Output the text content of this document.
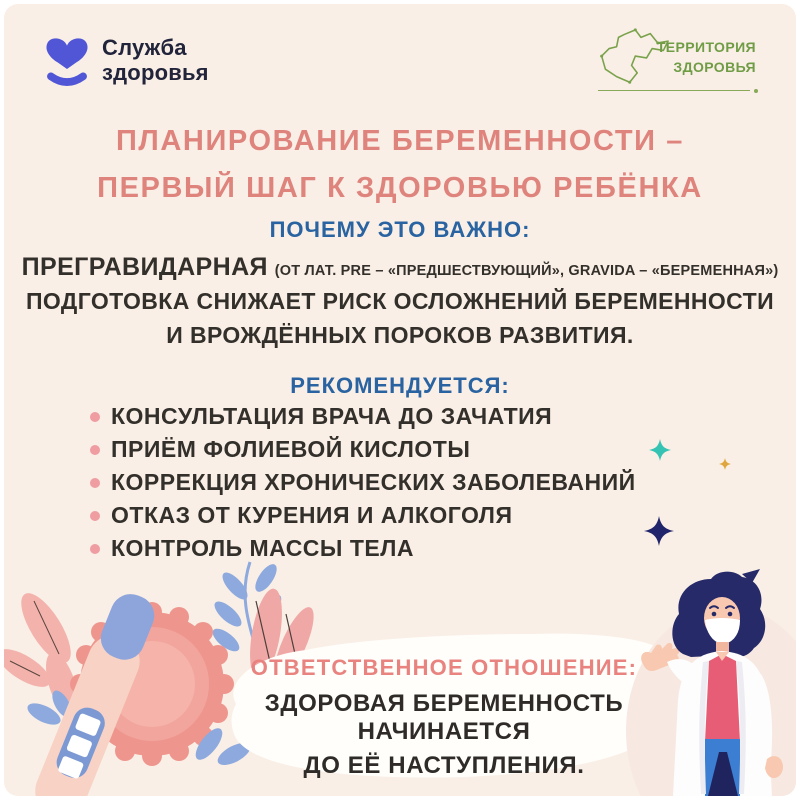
Служба
здоровья
ТЕРРИТОРИЯ
ЗДОРОВЬЯ
ПЛАНИРОВАНИЕ БЕРЕМЕННОСТИ –
ПЕРВЫЙ ШАГ К ЗДОРОВЬЮ РЕБЁНКА
ПОЧЕМУ ЭТО ВАЖНО:
ПРЕГРАВИДАРНАЯ (ОТ ЛАТ. PRE – «ПРЕДШЕСТВУЮЩИЙ», GRAVIDA – «БЕРЕМЕННАЯ»)
ПОДГОТОВКА СНИЖАЕТ РИСК ОСЛОЖНЕНИЙ БЕРЕМЕННОСТИ
И ВРОЖДЁННЫХ ПОРОКОВ РАЗВИТИЯ.
РЕКОМЕНДУЕТСЯ:
КОНСУЛЬТАЦИЯ ВРАЧА ДО ЗАЧАТИЯ
ПРИЁМ ФОЛИЕВОЙ КИСЛОТЫ
КОРРЕКЦИЯ ХРОНИЧЕСКИХ ЗАБОЛЕВАНИЙ
ОТКАЗ ОТ КУРЕНИЯ И АЛКОГОЛЯ
КОНТРОЛЬ МАССЫ ТЕЛА
ОТВЕТСТВЕННОЕ ОТНОШЕНИЕ:
ЗДОРОВАЯ БЕРЕМЕННОСТЬ НАЧИНАЕТСЯ
ДО ЕЁ НАСТУПЛЕНИЯ.
